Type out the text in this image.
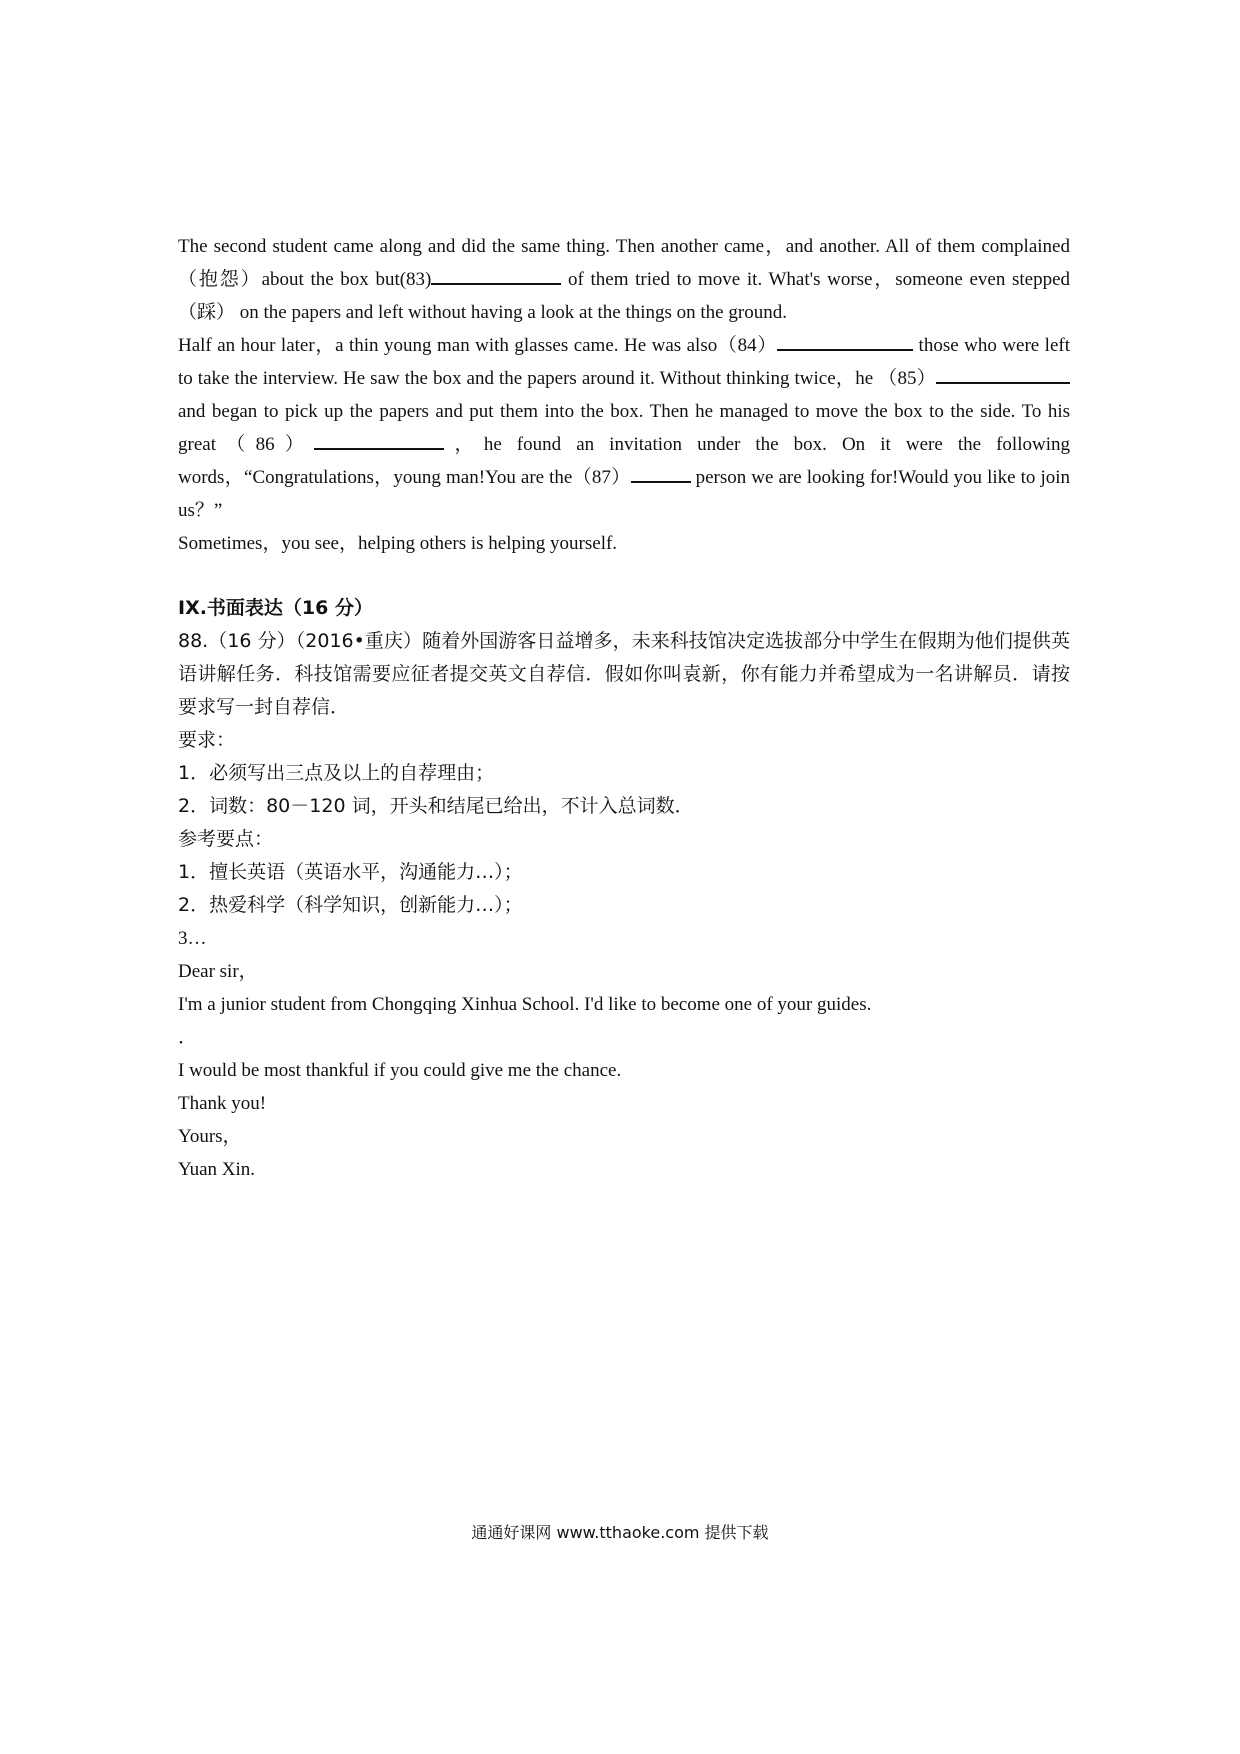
The second student came along and did the same thing. Then another came，and another. All of them complained（抱怨）about the box but(83)	of them tried to move it. What's worse，someone even stepped （踩） on the papers and left without having a look at the things on the ground.

Half an hour later，a thin young man with glasses came. He was also（84）	those who were left to take the interview. He saw the box and the papers around it. Without thinking twice，he （85） and began to pick up the papers and put them into the box. Then he managed to move the box to the side. To his great（86）	，he found an invitation under the box. On it were the following words，“Congratulations，young man!You are the（87）	person we are looking for!Would you like to join us？”

Sometimes，you see，helping others is helping yourself.

IX.书面表达（16 分）

88.（16 分）（2016•重庆）随着外国游客日益增多，未来科技馆决定选拔部分中学生在假期为他们提供英语讲解任务．科技馆需要应征者提交英文自荐信．假如你叫袁新，你有能力并希望成为一名讲解员．请按要求写一封自荐信．

要求：

1．必须写出三点及以上的自荐理由；

2．词数：80－120 词，开头和结尾已给出，不计入总词数．

参考要点：

1．擅长英语（英语水平，沟通能力…）；

2．热爱科学（科学知识，创新能力…）；

3…

Dear sir，

I'm a junior student from Chongqing Xinhua School. I'd like to become one of your guides.

．

I would be most thankful if you could give me the chance.

Thank you!

Yours，

Yuan Xin.

通通好课网 www.tthaoke.com 提供下载
